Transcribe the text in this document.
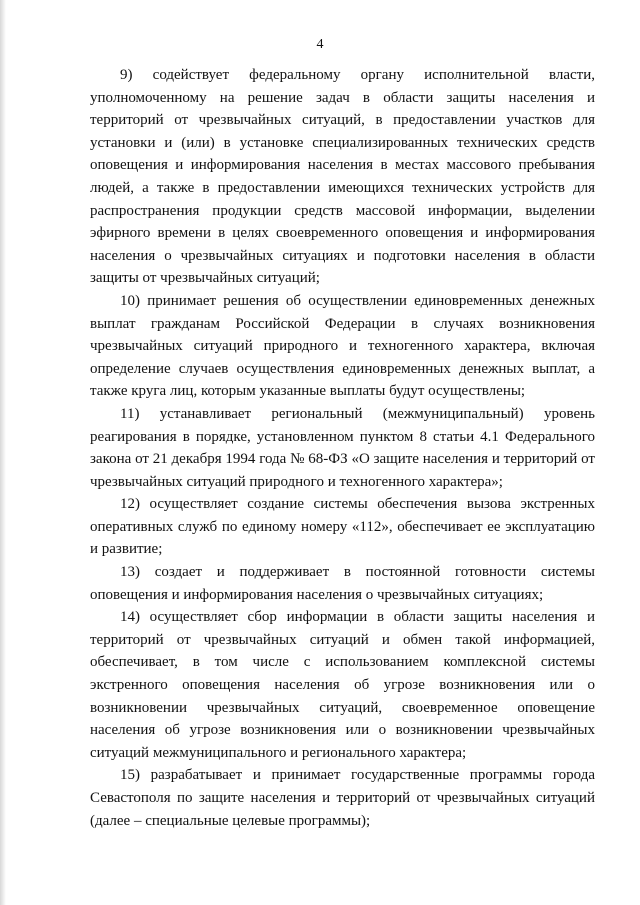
4

9) содействует федеральному органу исполнительной власти, уполномоченному на решение задач в области защиты населения и территорий от чрезвычайных ситуаций, в предоставлении участков для установки и (или) в установке специализированных технических средств оповещения и информирования населения в местах массового пребывания людей, а также в предоставлении имеющихся технических устройств для распространения продукции средств массовой информации, выделении эфирного времени в целях своевременного оповещения и информирования населения о чрезвычайных ситуациях и подготовки населения в области защиты от чрезвычайных ситуаций;

10) принимает решения об осуществлении единовременных денежных выплат гражданам Российской Федерации в случаях возникновения чрезвычайных ситуаций природного и техногенного характера, включая определение случаев осуществления единовременных денежных выплат, а также круга лиц, которым указанные выплаты будут осуществлены;

11) устанавливает региональный (межмуниципальный) уровень реагирования в порядке, установленном пунктом 8 статьи 4.1 Федерального закона от 21 декабря 1994 года № 68-ФЗ «О защите населения и территорий от чрезвычайных ситуаций природного и техногенного характера»;

12) осуществляет создание системы обеспечения вызова экстренных оперативных служб по единому номеру «112», обеспечивает ее эксплуатацию и развитие;

13) создает и поддерживает в постоянной готовности системы оповещения и информирования населения о чрезвычайных ситуациях;

14) осуществляет сбор информации в области защиты населения и территорий от чрезвычайных ситуаций и обмен такой информацией, обеспечивает, в том числе с использованием комплексной системы экстренного оповещения населения об угрозе возникновения или о возникновении чрезвычайных ситуаций, своевременное оповещение населения об угрозе возникновения или о возникновении чрезвычайных ситуаций межмуниципального и регионального характера;

15) разрабатывает и принимает государственные программы города Севастополя по защите населения и территорий от чрезвычайных ситуаций (далее – специальные целевые программы);
